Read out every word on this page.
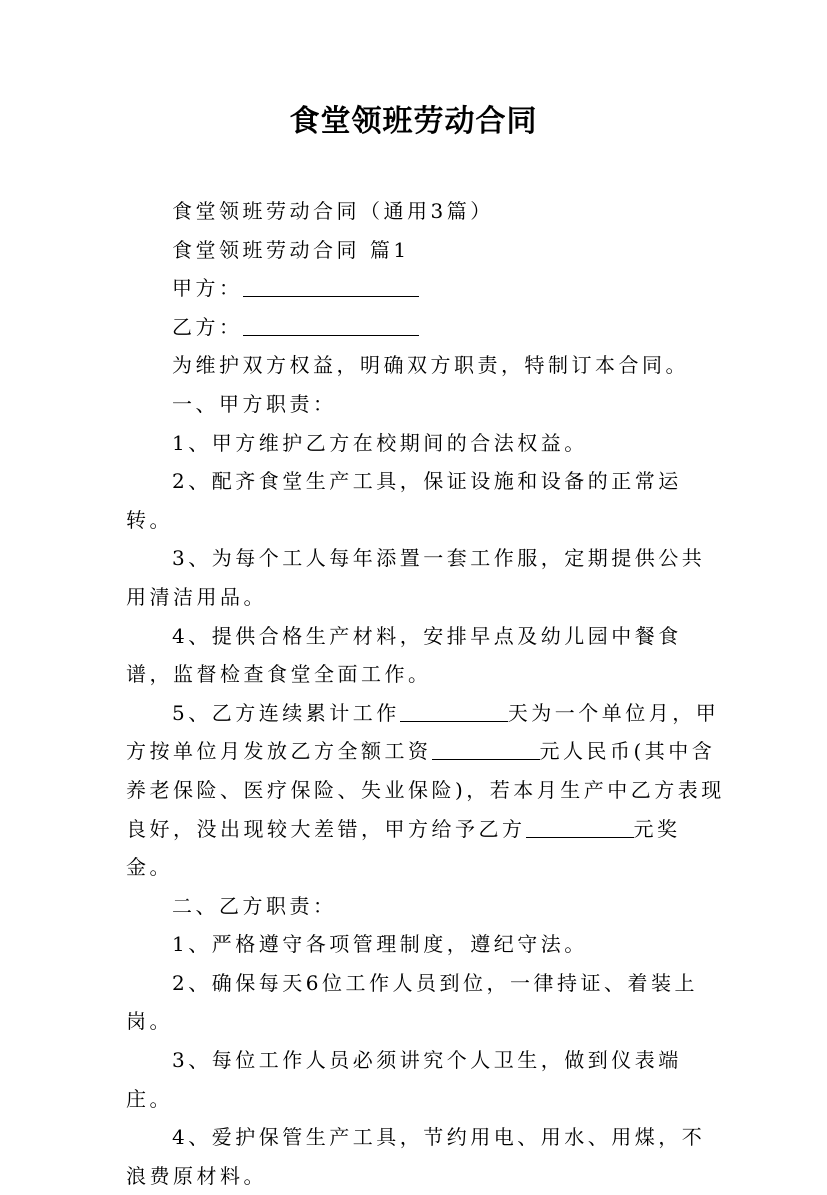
食堂领班劳动合同

食堂领班劳动合同（通用3篇）

食堂领班劳动合同 篇1

甲方：

乙方：

为维护双方权益，明确双方职责，特制订本合同。

一、甲方职责：

1、甲方维护乙方在校期间的合法权益。

2、配齐食堂生产工具，保证设施和设备的正常运转。

3、为每个工人每年添置一套工作服，定期提供公共用清洁用品。

4、提供合格生产材料，安排早点及幼儿园中餐食谱，监督检查食堂全面工作。

5、乙方连续累计工作	天为一个单位月，甲方按单位月发放乙方全额工资	元人民币(其中含养老保险、医疗保险、失业保险)，若本月生产中乙方表现良好，没出现较大差错，甲方给予乙方	元奖金。

二、乙方职责：

1、严格遵守各项管理制度，遵纪守法。

2、确保每天6位工作人员到位，一律持证、着装上岗。

3、每位工作人员必须讲究个人卫生，做到仪表端庄。

4、爱护保管生产工具，节约用电、用水、用煤，不浪费原材料。
